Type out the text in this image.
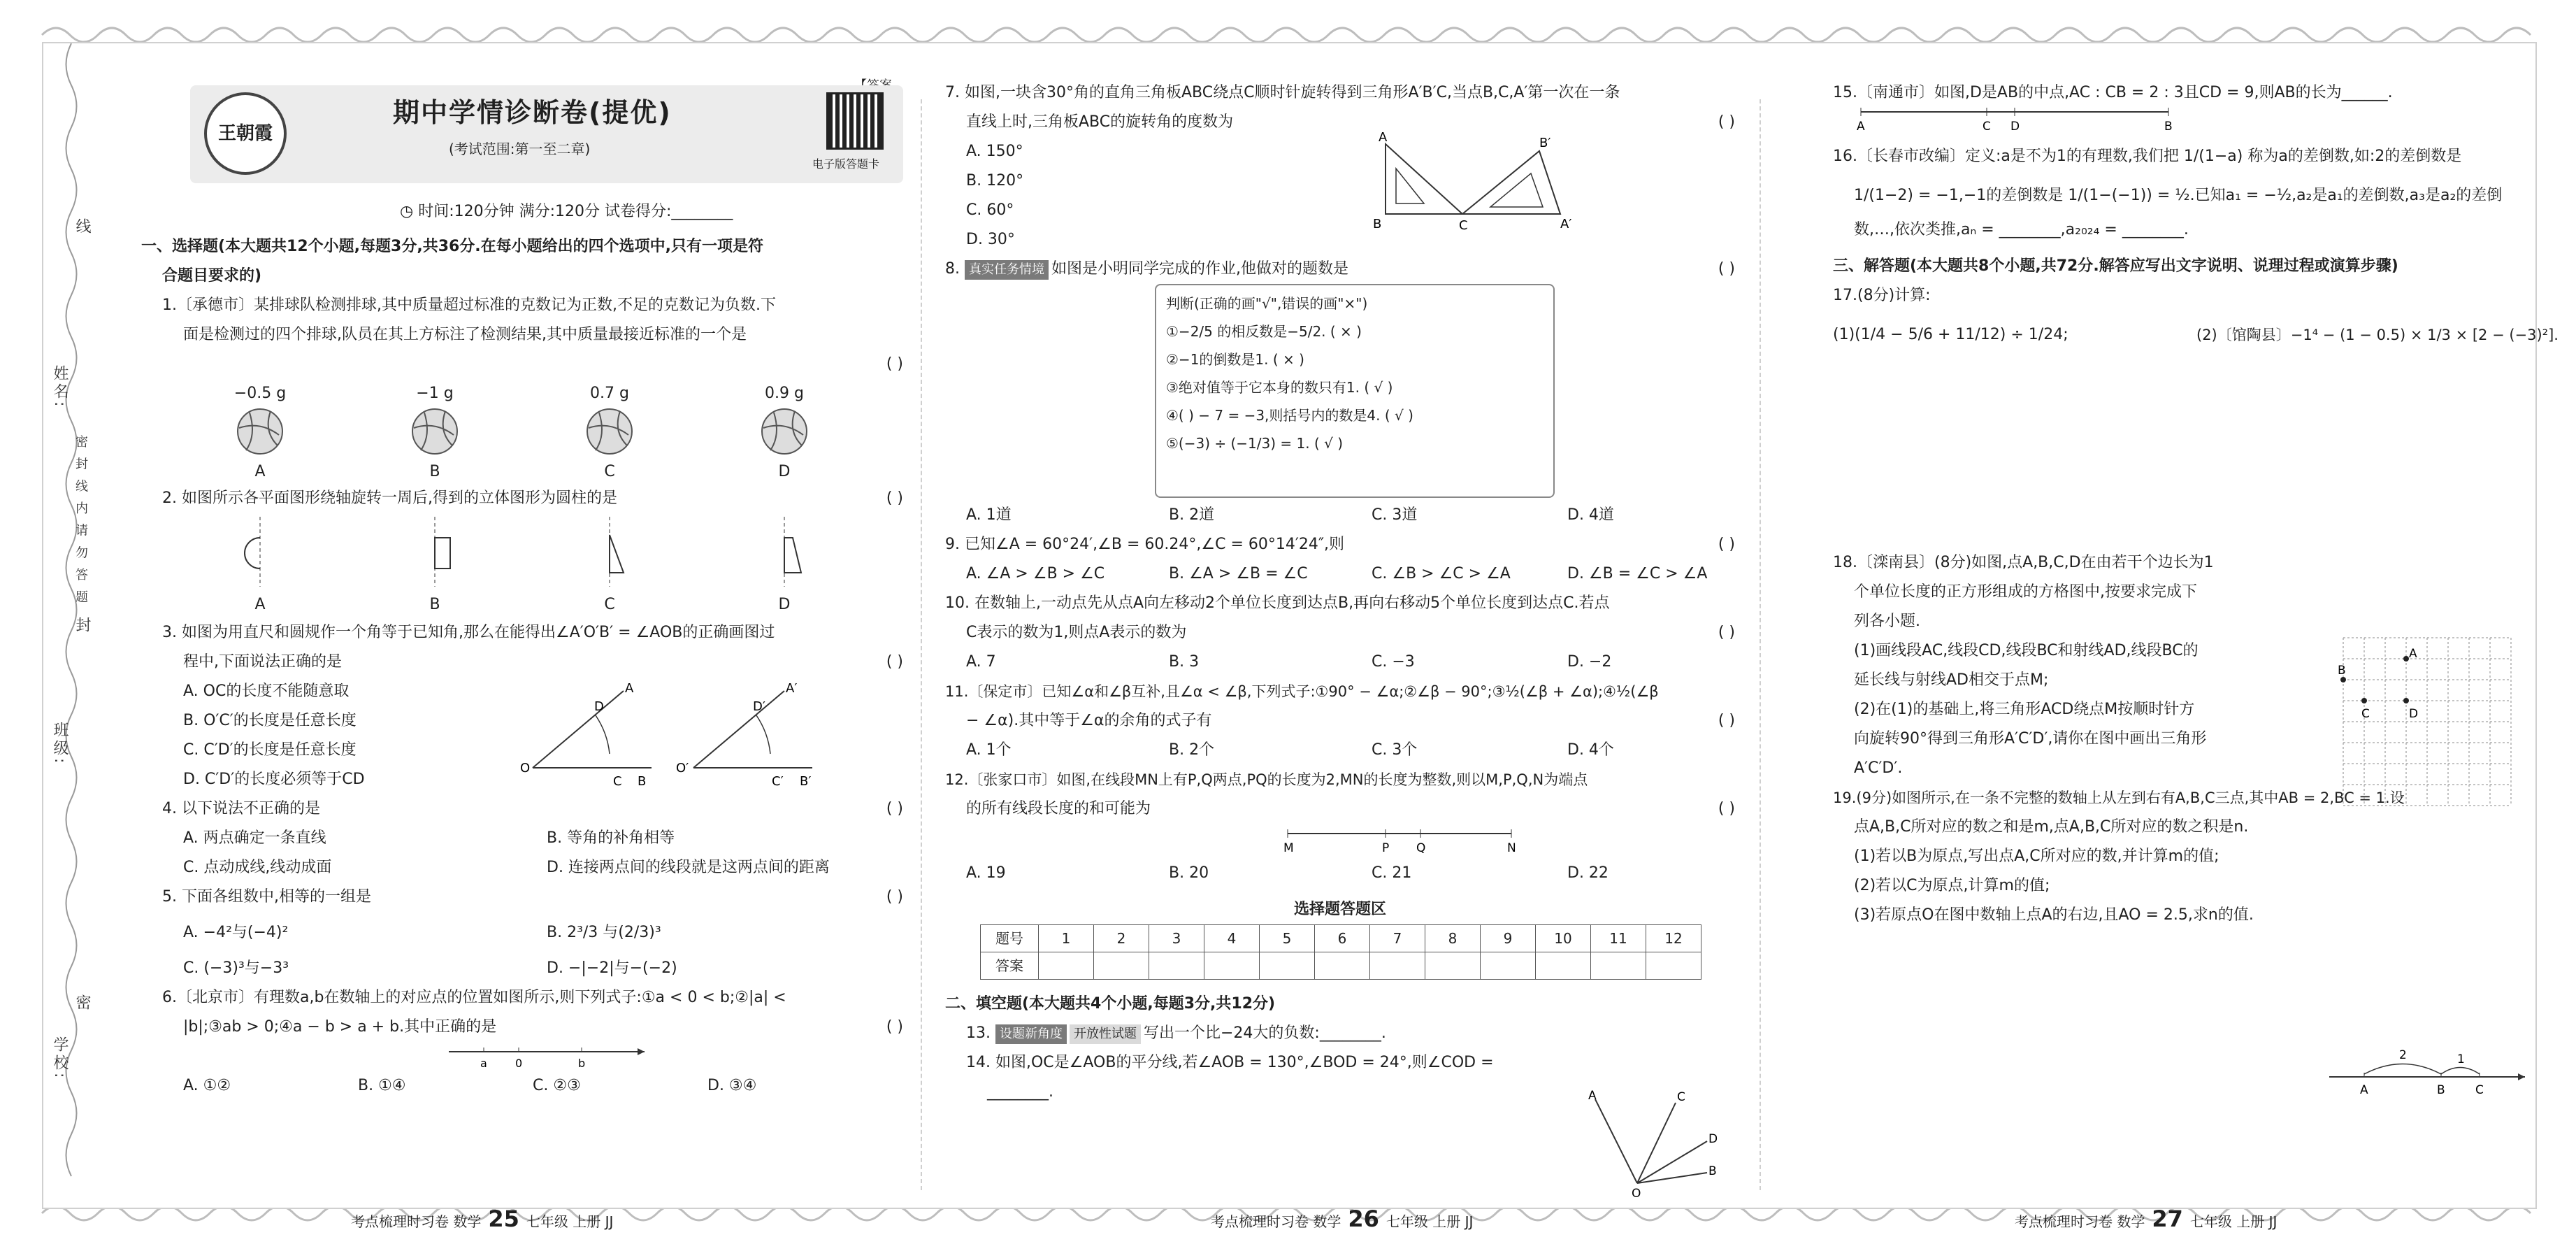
线
姓名:
密 封 线 内 请 勿 答 题
封
班级:
密
学校:
王朝霞
期中学情诊断卷(提优)
(考试范围:第一至二章)
电子版答题卡
◷ 时间:120分钟 满分:120分 试卷得分:________
一、选择题(本大题共12个小题,每题3分,共36分.在每小题给出的四个选项中,只有一项是符
合题目要求的)
1.〔承德市〕某排球队检测排球,其中质量超过标准的克数记为正数,不足的克数记为负数.下
面是检测过的四个排球,队员在其上方标注了检测结果,其中质量最接近标准的一个是
( )
−0.5 g	−1 g	0.7 g	0.9 g
A	B	C	D
2. 如图所示各平面图形绕轴旋转一周后,得到的立体图形为圆柱的是	( )
A	B	C	D
3. 如图为用直尺和圆规作一个角等于已知角,那么在能得出∠A′O′B′ = ∠AOB的正确画图过
程中,下面说法正确的是	( )
A. OC的长度不能随意取
B. O′C′的长度是任意长度
C. C′D′的长度是任意长度
D. C′D′的长度必须等于CD
O
C B
A
D
O′
C′ B′
A′
D′
4. 以下说法不正确的是	( )
A. 两点确定一条直线	B. 等角的补角相等
C. 点动成线,线动成面	D. 连接两点间的线段就是这两点间的距离
5. 下面各组数中,相等的一组是	( )
A. −4²与(−4)²	B. 2³/3 与(2/3)³
C. (−3)³与−3³	D. −|−2|与−(−2)
6.〔北京市〕有理数a,b在数轴上的对应点的位置如图所示,则下列式子:①a < 0 < b;②|a| <
|b|;③ab > 0;④a − b > a + b.其中正确的是	( )
a	0	b
A. ①②	B. ①④	C. ②③	D. ③④
考点梳理时习卷 数学 25 七年级 上册 JJ
7. 如图,一块含30°角的直角三角板ABC绕点C顺时针旋转得到三角形A′B′C,当点B,C,A′第一次在一条
直线上时,三角板ABC的旋转角的度数为	( )
A. 150°
B. 120°
C. 60°
D. 30°
A
B	C
B′
A′
8. 真实任务情境 如图是小明同学完成的作业,他做对的题数是	( )
判断(正确的画"√",错误的画"×")
①−2/5 的相反数是−5/2. ( × )
②−1的倒数是1. ( × )
③绝对值等于它本身的数只有1. ( √ )
④( ) − 7 = −3,则括号内的数是4. ( √ )
⑤(−3) ÷ (−1/3) = 1. ( √ )
A. 1道	B. 2道	C. 3道	D. 4道
9. 已知∠A = 60°24′,∠B = 60.24°,∠C = 60°14′24″,则	( )
A. ∠A > ∠B > ∠C	B. ∠A > ∠B = ∠C	C. ∠B > ∠C > ∠A	D. ∠B = ∠C > ∠A
10. 在数轴上,一动点先从点A向左移动2个单位长度到达点B,再向右移动5个单位长度到达点C.若点
C表示的数为1,则点A表示的数为	( )
A. 7	B. 3	C. −3	D. −2
11.〔保定市〕已知∠α和∠β互补,且∠α < ∠β,下列式子:①90° − ∠α;②∠β − 90°;③½(∠β + ∠α);④½(∠β
− ∠α).其中等于∠α的余角的式子有	( )
A. 1个	B. 2个	C. 3个	D. 4个
12.〔张家口市〕如图,在线段MN上有P,Q两点,PQ的长度为2,MN的长度为整数,则以M,P,Q,N为端点
的所有线段长度的和可能为	( )
M	P Q	N
A. 19	B. 20	C. 21	D. 22
选择题答题区
题号	1	2	3	4	5	6	7	8	9	10	11	12
答案												
二、填空题(本大题共4个小题,每题3分,共12分)
13. 设题新角度 开放性试题 写出一个比−24大的负数:________.
14. 如图,OC是∠AOB的平分线,若∠AOB = 130°,∠BOD = 24°,则∠COD =
________.	A	C
D
B
O
考点梳理时习卷 数学 26 七年级 上册 JJ
15.〔南通市〕如图,D是AB的中点,AC : CB = 2 : 3且CD = 9,则AB的长为______.
A	C D	B
16.〔长春市改编〕定义:a是不为1的有理数,我们把 1/(1−a) 称为a的差倒数,如:2的差倒数是
1/(1−2) = −1,−1的差倒数是 1/(1−(−1)) = ½.已知a₁ = −½,a₂是a₁的差倒数,a₃是a₂的差倒
数,…,依次类推,aₙ = ________,a₂₀₂₄ = ________.
三、解答题(本大题共8个小题,共72分.解答应写出文字说明、说理过程或演算步骤)
17.(8分)计算:
(1)(1/4 − 5/6 + 11/12) ÷ 1/24;	(2)〔馆陶县〕−1⁴ − (1 − 0.5) × 1/3 × [2 − (−3)²].
18.〔滦南县〕(8分)如图,点A,B,C,D在由若干个边长为1
个单位长度的正方形组成的方格图中,按要求完成下
列各小题.
(1)画线段AC,线段CD,线段BC和射线AD,线段BC的
延长线与射线AD相交于点M;
(2)在(1)的基础上,将三角形ACD绕点M按顺时针方
向旋转90°得到三角形A′C′D′,请你在图中画出三角形
A′C′D′.
19.(9分)如图所示,在一条不完整的数轴上从左到右有A,B,C三点,其中AB = 2,BC = 1.设
点A,B,C所对应的数之和是m,点A,B,C所对应的数之积是n.
(1)若以B为原点,写出点A,C所对应的数,并计算m的值;
(2)若以C为原点,计算m的值;
(3)若原点O在图中数轴上点A的右边,且AO = 2.5,求n的值.
B
C
A
D
2	1
A	B	C
考点梳理时习卷 数学 27 七年级 上册 JJ
